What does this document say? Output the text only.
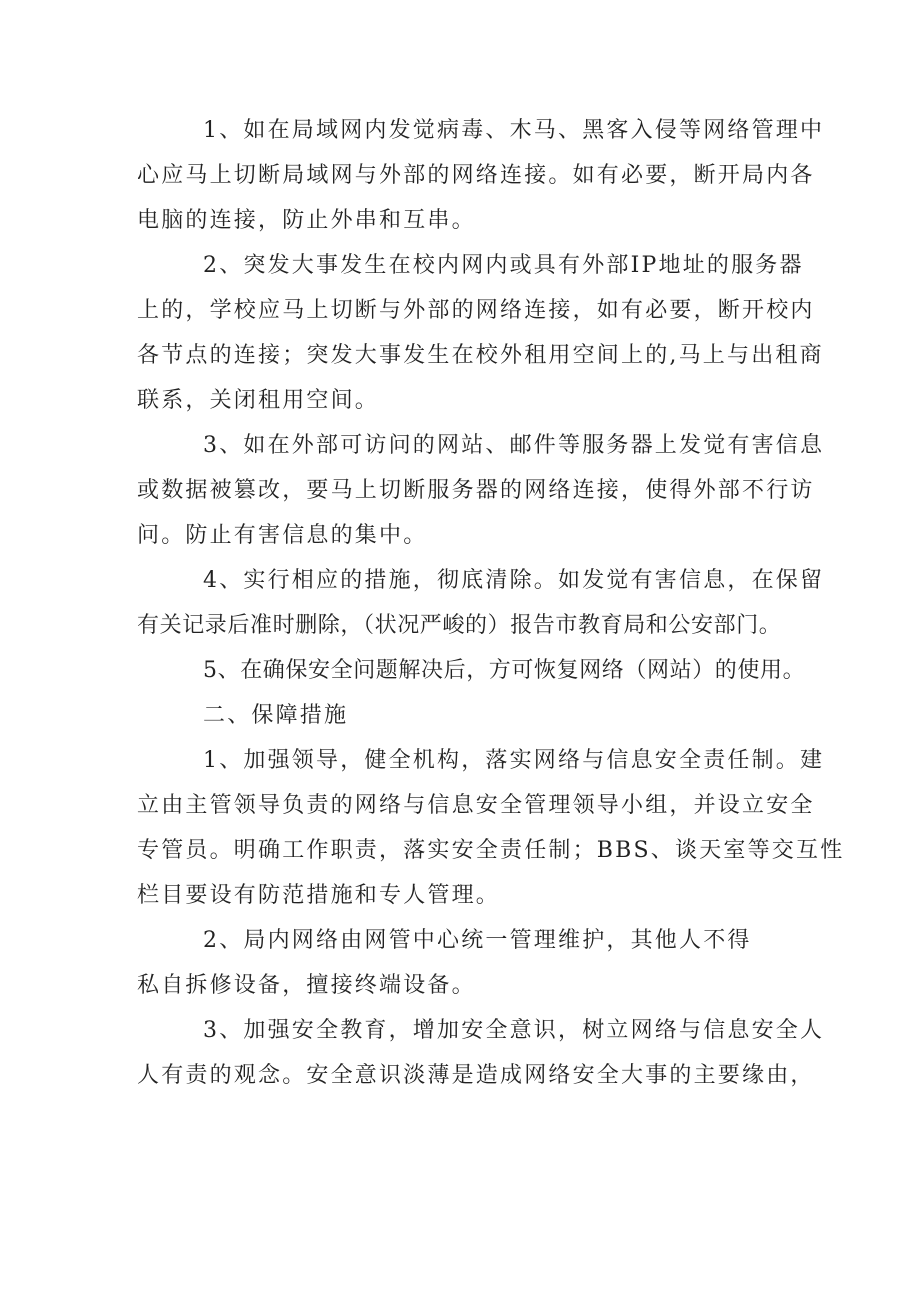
1、如在局域网内发觉病毒、木马、黑客入侵等网络管理中

心应马上切断局域网与外部的网络连接。如有必要，断开局内各

电脑的连接，防止外串和互串。

2、突发大事发生在校内网内或具有外部IP地址的服务器

上的，学校应马上切断与外部的网络连接，如有必要，断开校内

各节点的连接；突发大事发生在校外租用空间上的,马上与出租商

联系，关闭租用空间。

3、如在外部可访问的网站、邮件等服务器上发觉有害信息

或数据被篡改，要马上切断服务器的网络连接，使得外部不行访

问。防止有害信息的集中。

4、实行相应的措施，彻底清除。如发觉有害信息，在保留

有关记录后准时删除，（状况严峻的）报告市教育局和公安部门。

5、在确保安全问题解决后，方可恢复网络（网站）的使用。

二、保障措施

1、加强领导，健全机构，落实网络与信息安全责任制。建

立由主管领导负责的网络与信息安全管理领导小组，并设立安全

专管员。明确工作职责，落实安全责任制；BBS、谈天室等交互性

栏目要设有防范措施和专人管理。

2、局内网络由网管中心统一管理维护，其他人不得

私自拆修设备，擅接终端设备。

3、加强安全教育，增加安全意识，树立网络与信息安全人

人有责的观念。安全意识淡薄是造成网络安全大事的主要缘由，
